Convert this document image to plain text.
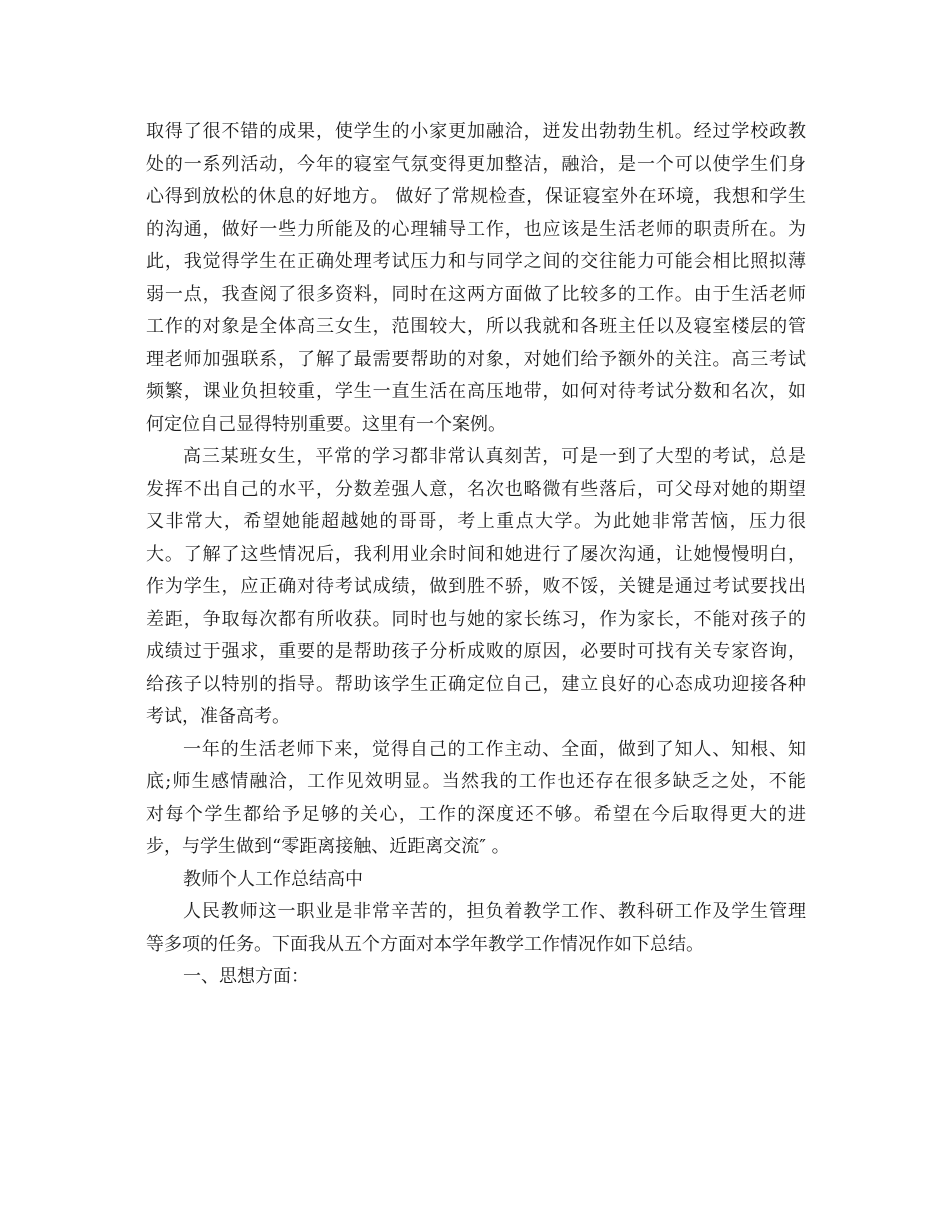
取得了很不错的成果，使学生的小家更加融洽，迸发出勃勃生机。经过学校政教
处的一系列活动，今年的寝室气氛变得更加整洁，融洽，是一个可以使学生们身
心得到放松的休息的好地方。 做好了常规检查，保证寝室外在环境，我想和学生
的沟通，做好一些力所能及的心理辅导工作，也应该是生活老师的职责所在。为
此，我觉得学生在正确处理考试压力和与同学之间的交往能力可能会相比照拟薄
弱一点，我查阅了很多资料，同时在这两方面做了比较多的工作。由于生活老师
工作的对象是全体高三女生，范围较大，所以我就和各班主任以及寝室楼层的管
理老师加强联系，了解了最需要帮助的对象，对她们给予额外的关注。高三考试
频繁，课业负担较重，学生一直生活在高压地带，如何对待考试分数和名次，如
何定位自己显得特别重要。这里有一个案例。
高三某班女生，平常的学习都非常认真刻苦，可是一到了大型的考试，总是
发挥不出自己的水平，分数差强人意，名次也略微有些落后，可父母对她的期望
又非常大，希望她能超越她的哥哥，考上重点大学。为此她非常苦恼，压力很
大。了解了这些情况后，我利用业余时间和她进行了屡次沟通，让她慢慢明白，
作为学生，应正确对待考试成绩，做到胜不骄，败不馁，关键是通过考试要找出
差距，争取每次都有所收获。同时也与她的家长练习，作为家长，不能对孩子的
成绩过于强求，重要的是帮助孩子分析成败的原因，必要时可找有关专家咨询，
给孩子以特别的指导。帮助该学生正确定位自己，建立良好的心态成功迎接各种
考试，准备高考。
一年的生活老师下来，觉得自己的工作主动、全面，做到了知人、知根、知
底;师生感情融洽，工作见效明显。当然我的工作也还存在很多缺乏之处，不能
对每个学生都给予足够的关心，工作的深度还不够。希望在今后取得更大的进
步，与学生做到“零距离接触、近距离交流″ 。
教师个人工作总结高中
人民教师这一职业是非常辛苦的，担负着教学工作、教科研工作及学生管理
等多项的任务。下面我从五个方面对本学年教学工作情况作如下总结。
一、思想方面：
